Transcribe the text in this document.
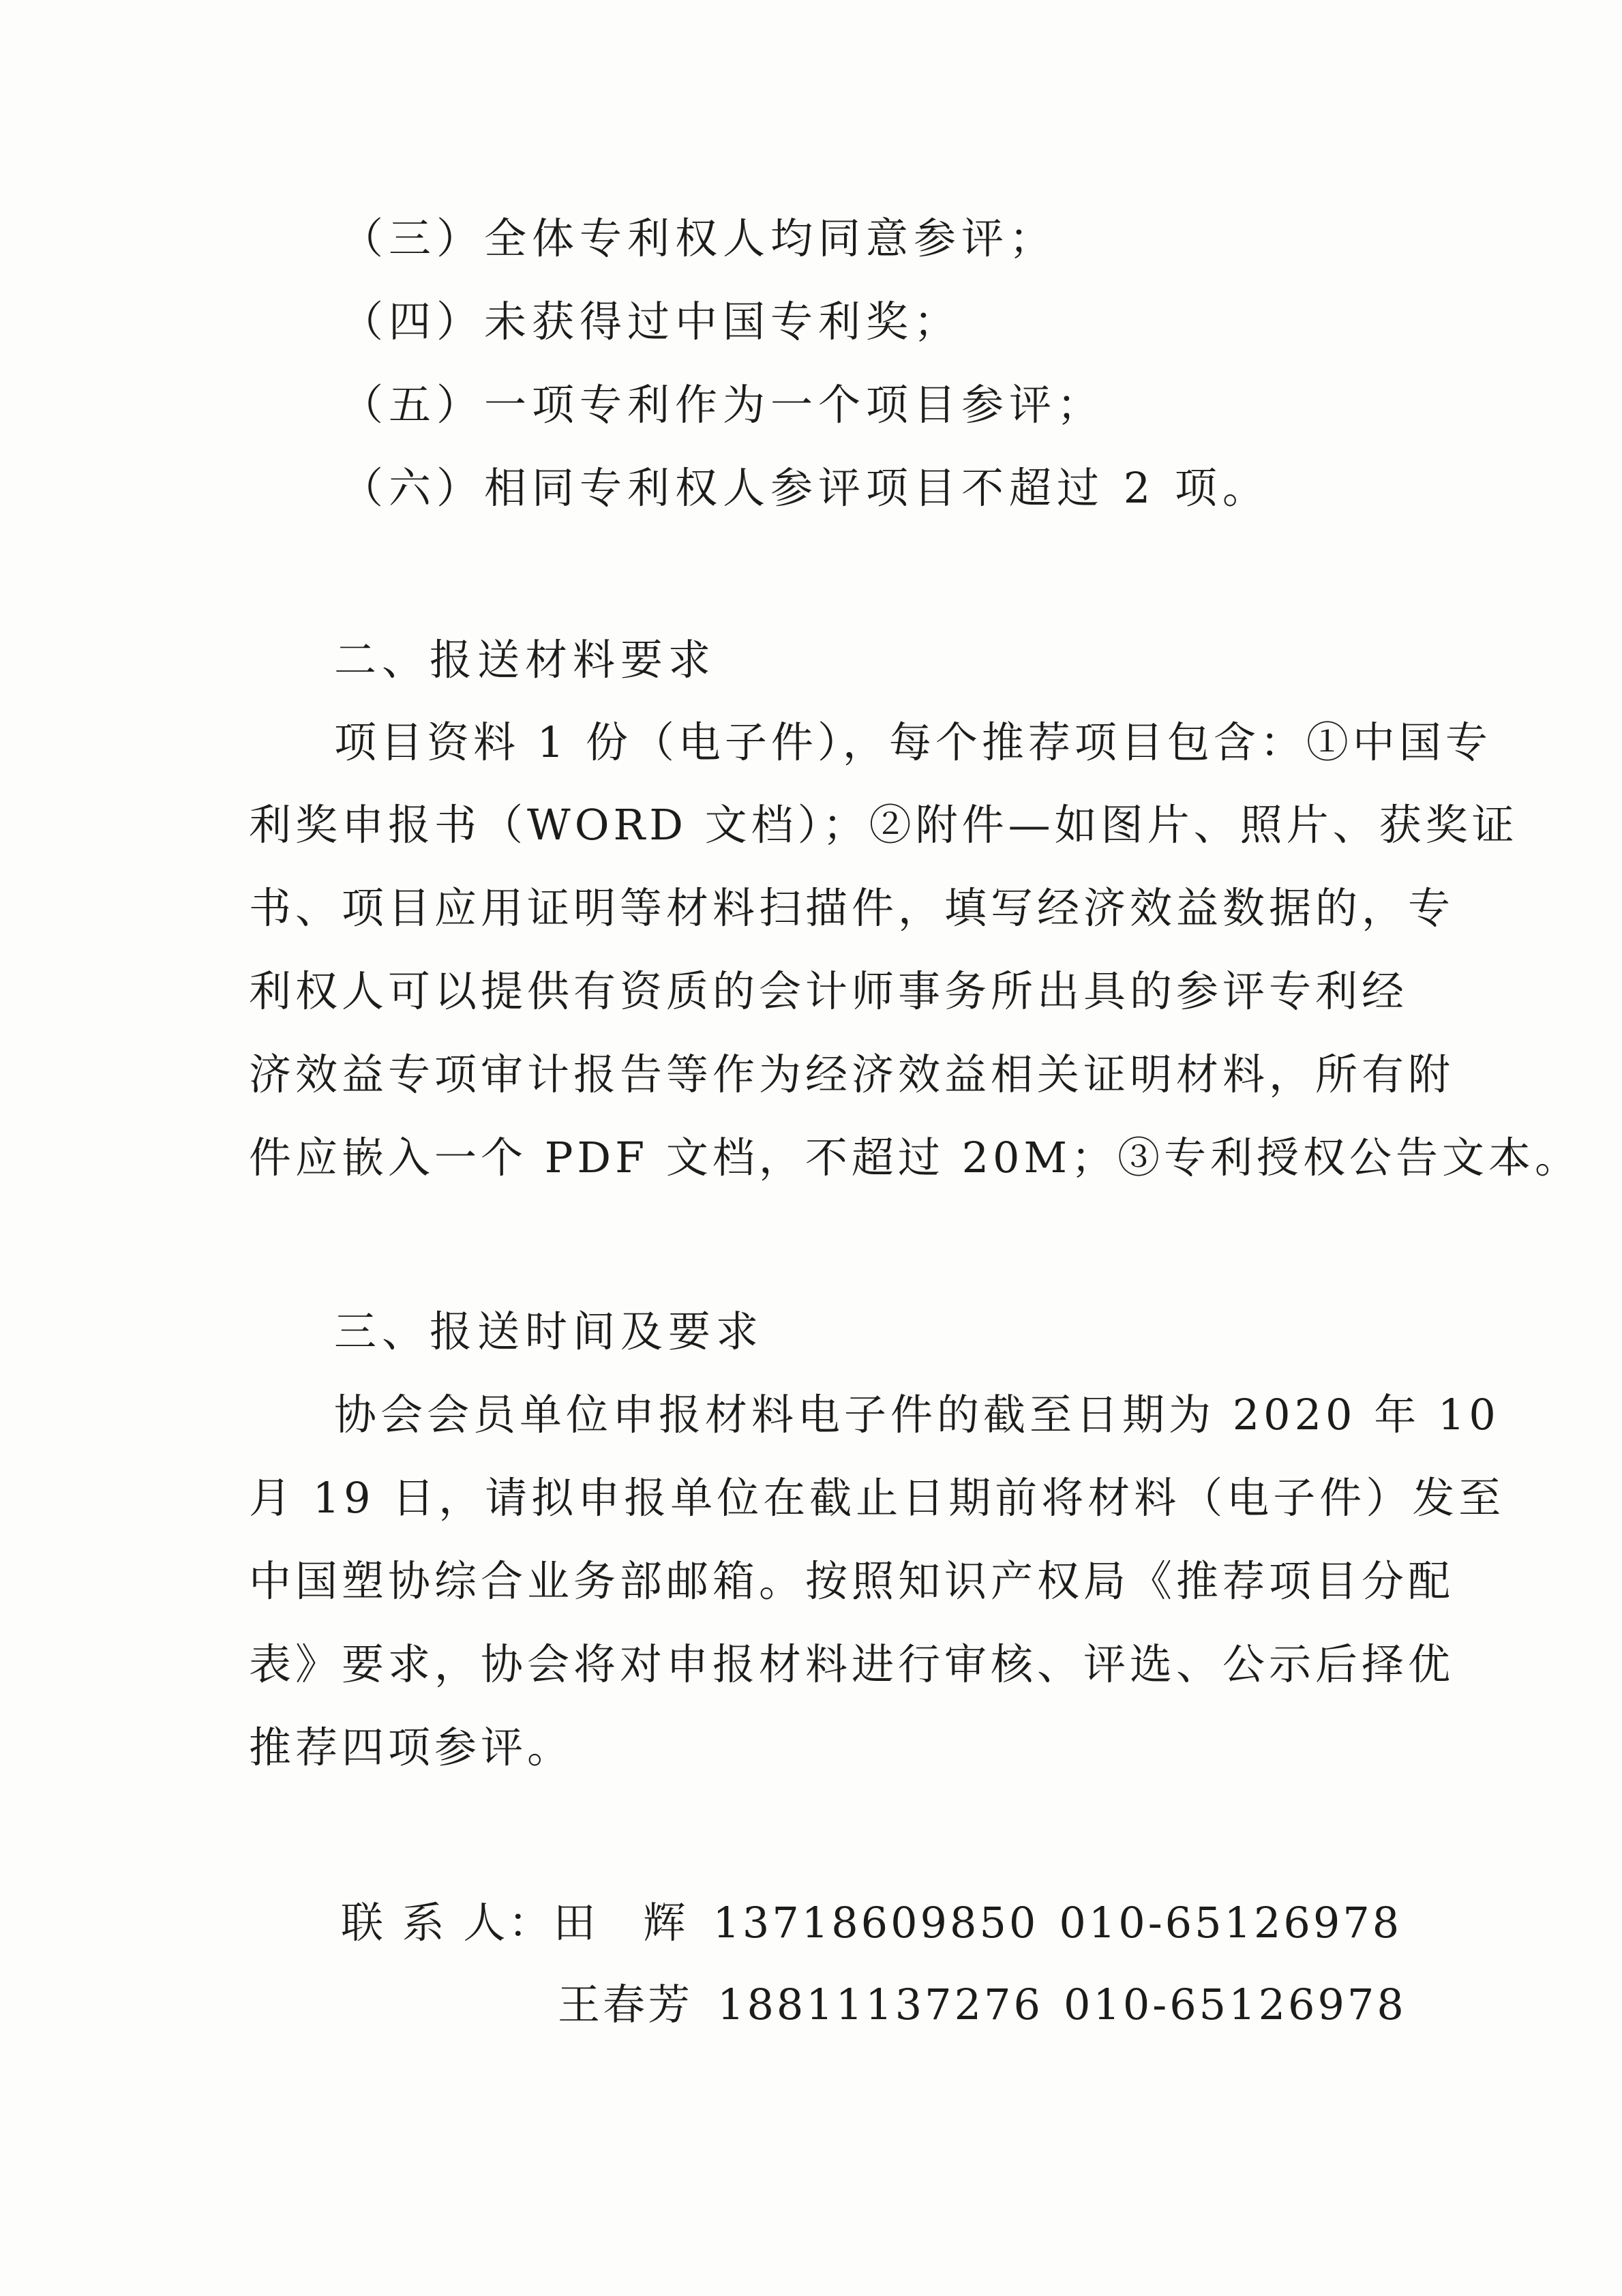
（三）全体专利权人均同意参评；
（四）未获得过中国专利奖；
（五）一项专利作为一个项目参评；
（六）相同专利权人参评项目不超过 2 项。
二、报送材料要求
项目资料 1 份（电子件），每个推荐项目包含：①中国专
利奖申报书（WORD 文档）；②附件—如图片、照片、获奖证
书、项目应用证明等材料扫描件，填写经济效益数据的，专
利权人可以提供有资质的会计师事务所出具的参评专利经
济效益专项审计报告等作为经济效益相关证明材料，所有附
件应嵌入一个 PDF 文档，不超过 20M；③专利授权公告文本。
三、报送时间及要求
协会会员单位申报材料电子件的截至日期为 2020 年 10
月 19 日，请拟申报单位在截止日期前将材料（电子件）发至
中国塑协综合业务部邮箱。按照知识产权局《推荐项目分配
表》要求，协会将对申报材料进行审核、评选、公示后择优
推荐四项参评。
联 系 人：田　辉 13718609850 010-65126978
王春芳 18811137276 010-65126978
